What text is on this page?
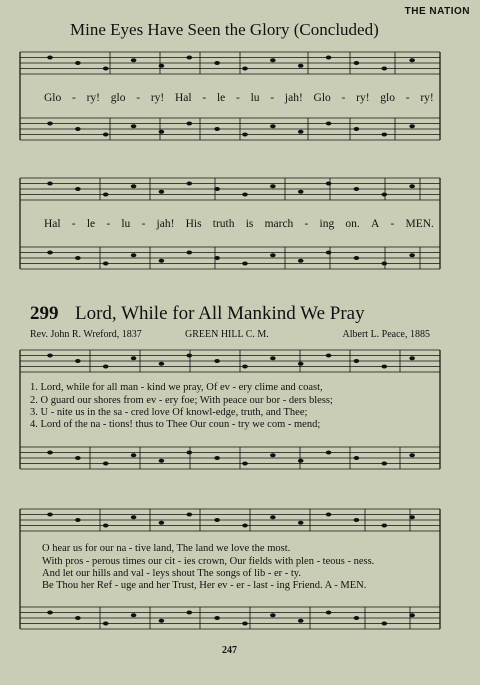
THE NATION
Mine Eyes Have Seen the Glory (Concluded)
Glo - ry! glo - ry! Hal - le - lu - jah! Glo - ry! glo - ry!
Hal - le - lu - jah! His truth is march - ing on. A - MEN.
299 Lord, While for All Mankind We Pray
Rev. John R. Wreford, 1837	GREEN HILL C. M.	Albert L. Peace, 1885
1. Lord, while for all man - kind we pray, Of ev - ery clime and coast,
2. O guard our shores from ev - ery foe; With peace our bor - ders bless;
3. U - nite us in the sa - cred love Of knowl-edge, truth, and Thee;
4. Lord of the na - tions! thus to Thee Our coun - try we com - mend;
O hear us for our na - tive land, The land we love the most.
With pros - perous times our cit - ies crown, Our fields with plen - teous - ness.
And let our hills and val - leys shout The songs of lib - er - ty.
Be Thou her Ref - uge and her Trust, Her ev - er - last - ing Friend. A - MEN.
247
